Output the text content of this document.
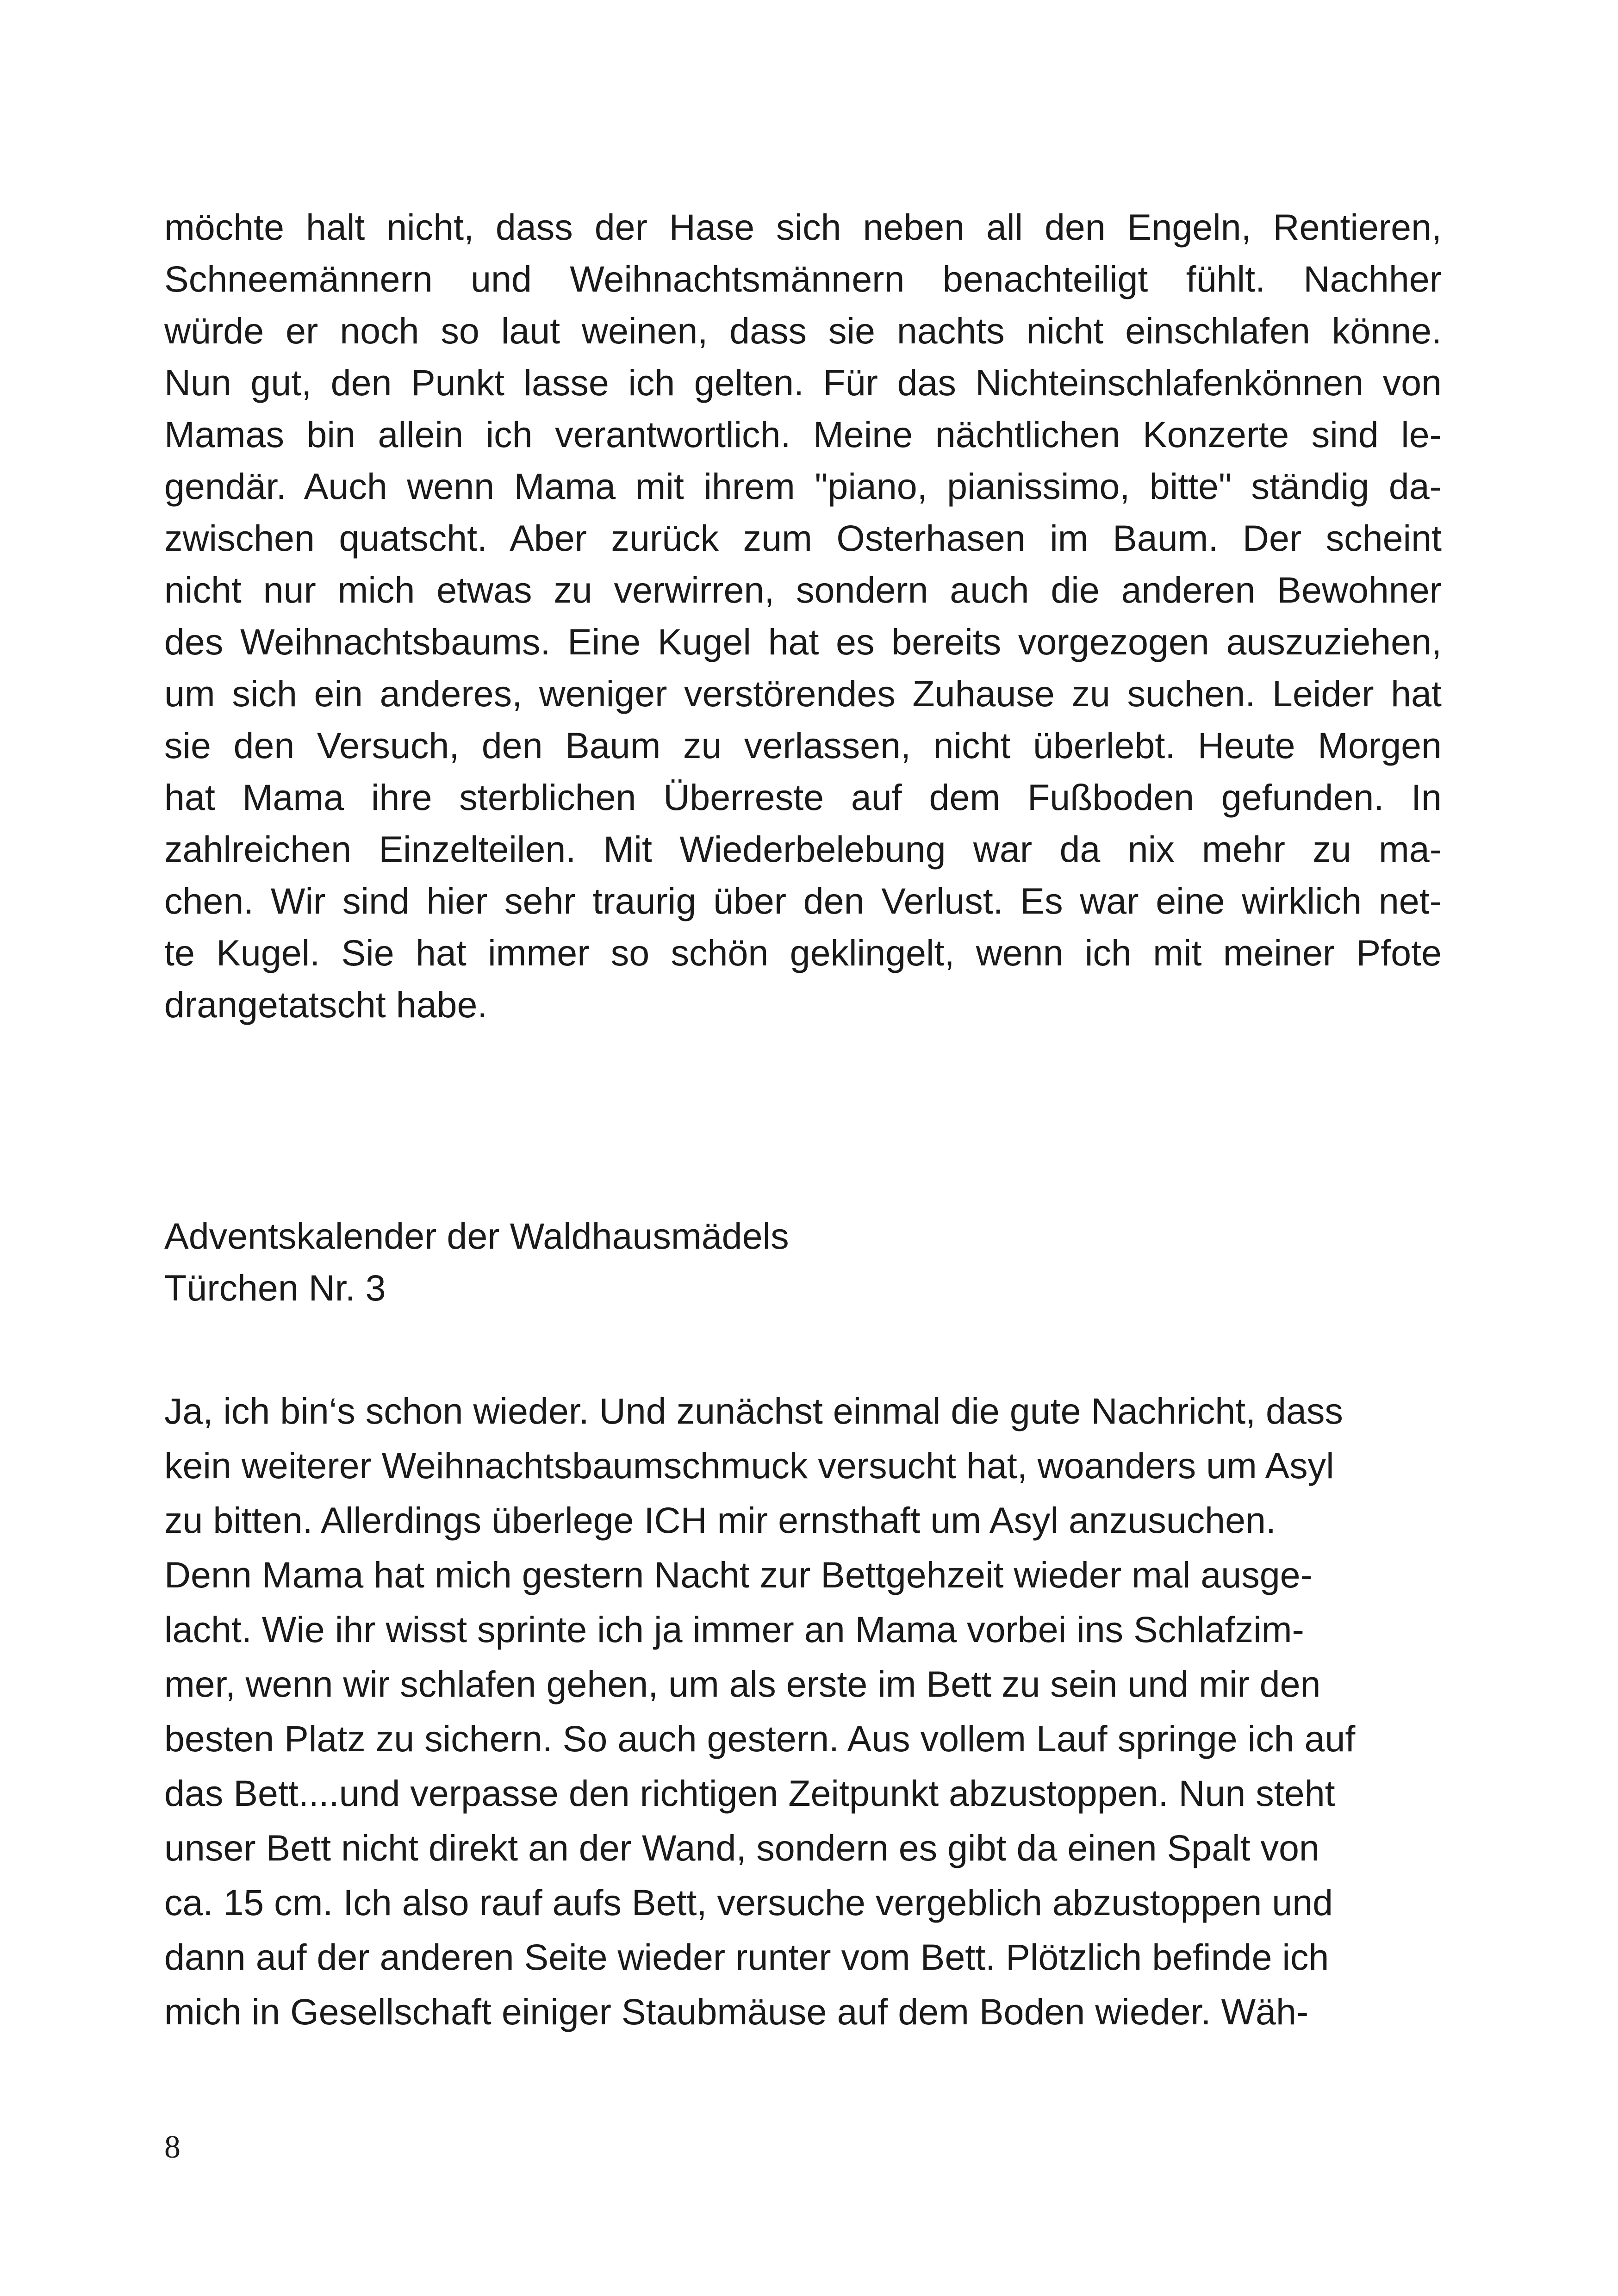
möchte halt nicht, dass der Hase sich neben all den Engeln, Rentieren,
Schneemännern und Weihnachtsmännern benachteiligt fühlt. Nachher
würde er noch so laut weinen, dass sie nachts nicht einschlafen könne.
Nun gut, den Punkt lasse ich gelten. Für das Nichteinschlafenkönnen von
Mamas bin allein ich verantwortlich. Meine nächtlichen Konzerte sind le-
gendär. Auch wenn Mama mit ihrem "piano, pianissimo, bitte" ständig da-
zwischen quatscht. Aber zurück zum Osterhasen im Baum. Der scheint
nicht nur mich etwas zu verwirren, sondern auch die anderen Bewohner
des Weihnachtsbaums. Eine Kugel hat es bereits vorgezogen auszuziehen,
um sich ein anderes, weniger verstörendes Zuhause zu suchen. Leider hat
sie den Versuch, den Baum zu verlassen, nicht überlebt. Heute Morgen
hat Mama ihre sterblichen Überreste auf dem Fußboden gefunden. In
zahlreichen Einzelteilen. Mit Wiederbelebung war da nix mehr zu ma-
chen. Wir sind hier sehr traurig über den Verlust. Es war eine wirklich net-
te Kugel. Sie hat immer so schön geklingelt, wenn ich mit meiner Pfote
drangetatscht habe.
Adventskalender der Waldhausmädels
Türchen Nr. 3
Ja, ich bin‘s schon wieder. Und zunächst einmal die gute Nachricht, dass
kein weiterer Weihnachtsbaumschmuck versucht hat, woanders um Asyl
zu bitten. Allerdings überlege ICH mir ernsthaft um Asyl anzusuchen.
Denn Mama hat mich gestern Nacht zur Bettgehzeit wieder mal ausge-
lacht. Wie ihr wisst sprinte ich ja immer an Mama vorbei ins Schlafzim-
mer, wenn wir schlafen gehen, um als erste im Bett zu sein und mir den
besten Platz zu sichern. So auch gestern. Aus vollem Lauf springe ich auf
das Bett....und verpasse den richtigen Zeitpunkt abzustoppen. Nun steht
unser Bett nicht direkt an der Wand, sondern es gibt da einen Spalt von
ca. 15 cm. Ich also rauf aufs Bett, versuche vergeblich abzustoppen und
dann auf der anderen Seite wieder runter vom Bett. Plötzlich befinde ich
mich in Gesellschaft einiger Staubmäuse auf dem Boden wieder. Wäh-
8
